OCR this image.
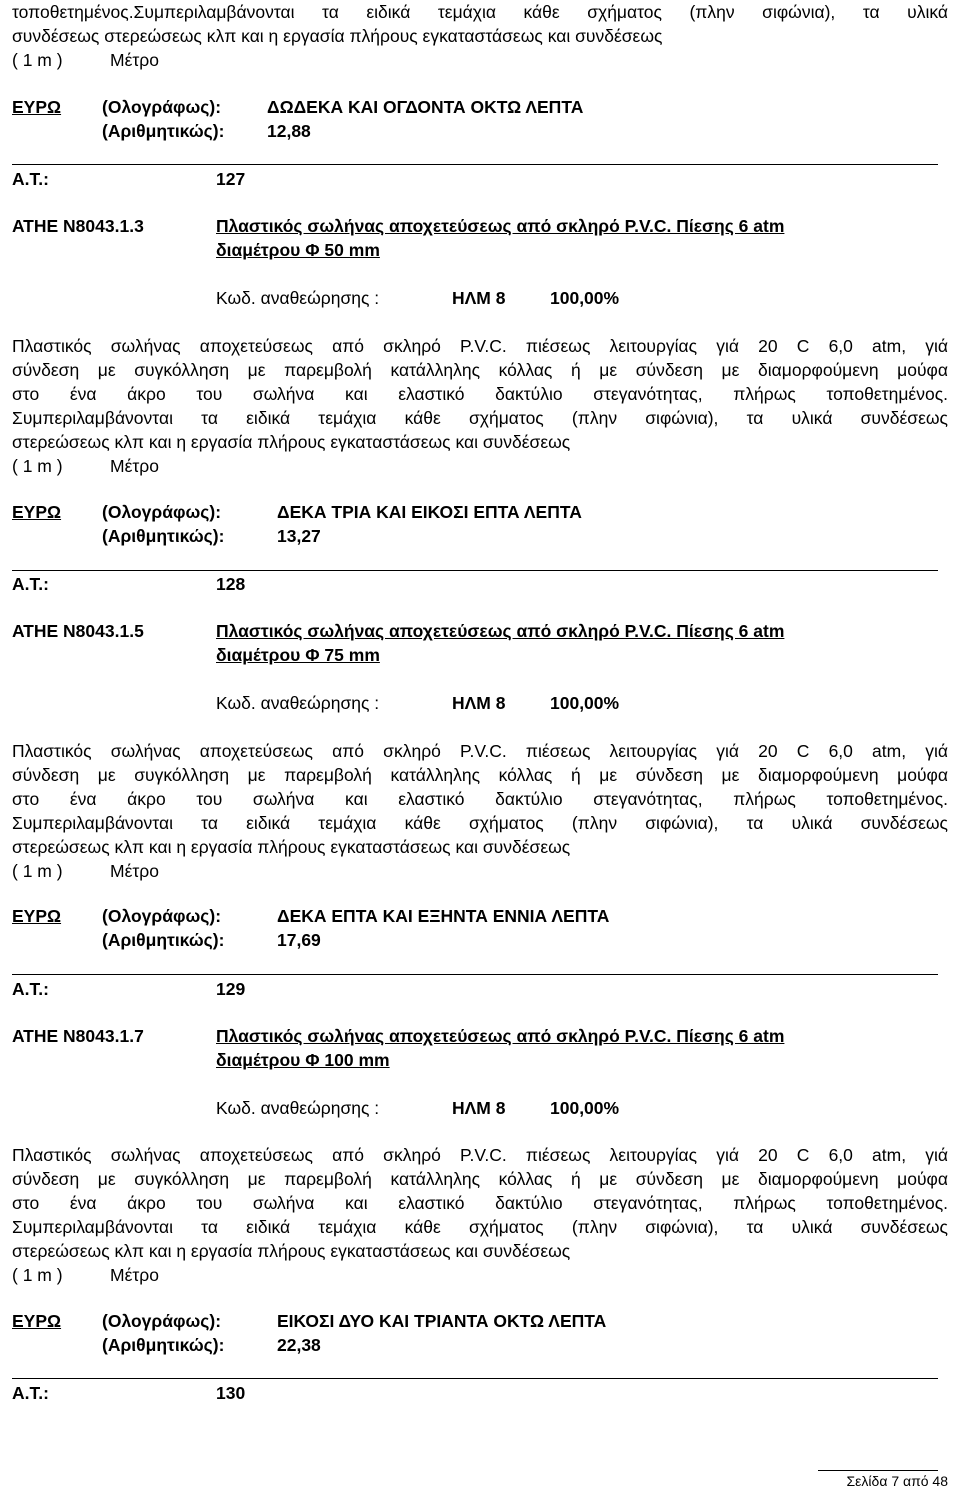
τοποθετημένος.Συμπεριλαμβάνονται τα ειδικά τεμάχια κάθε σχήματος (πλην σιφώνια), τα υλικά
συνδέσεως στερεώσεως κλπ και η εργασία πλήρους εγκαταστάσεως και συνδέσεως
( 1 m )	Μέτρο
ΕΥΡΩ (Ολογράφως):	ΔΩΔΕΚΑ ΚΑΙ ΟΓΔΟΝΤΑ ΟΚΤΩ ΛΕΠΤΑ
(Αριθμητικώς): 12,88
Α.Τ.:	127
ΑΤΗΕ Ν8043.1.3	Πλαστικός σωλήνας αποχετεύσεως από σκληρό P.V.C. Πίεσης 6 atm
διαμέτρου Φ 50 mm
Κωδ. αναθεώρησης :	ΗΛΜ 8	100,00%
Πλαστικός σωλήνας αποχετεύσεως από σκληρό P.V.C. πιέσεως λειτουργίας γιά 20 C 6,0 atm, γιά
σύνδεση με συγκόλληση με παρεμβολή κατάλληλης κόλλας ή με σύνδεση με διαμορφούμενη μούφα
στο ένα άκρο του σωλήνα και ελαστικό δακτύλιο στεγανότητας, πλήρως τοποθετημένος.
Συμπεριλαμβάνονται τα ειδικά τεμάχια κάθε σχήματος (πλην σιφώνια), τα υλικά συνδέσεως
στερεώσεως κλπ και η εργασία πλήρους εγκαταστάσεως και συνδέσεως
( 1 m )	Μέτρο
ΕΥΡΩ (Ολογράφως):	ΔΕΚΑ ΤΡΙΑ ΚΑΙ ΕΙΚΟΣΙ ΕΠΤΑ ΛΕΠΤΑ
(Αριθμητικώς):	13,27
Α.Τ.:	128
ΑΤΗΕ Ν8043.1.5	Πλαστικός σωλήνας αποχετεύσεως από σκληρό P.V.C. Πίεσης 6 atm
διαμέτρου Φ 75 mm
Κωδ. αναθεώρησης :	ΗΛΜ 8	100,00%
Πλαστικός σωλήνας αποχετεύσεως από σκληρό P.V.C. πιέσεως λειτουργίας γιά 20 C 6,0 atm, γιά
σύνδεση με συγκόλληση με παρεμβολή κατάλληλης κόλλας ή με σύνδεση με διαμορφούμενη μούφα
στο ένα άκρο του σωλήνα και ελαστικό δακτύλιο στεγανότητας, πλήρως τοποθετημένος.
Συμπεριλαμβάνονται τα ειδικά τεμάχια κάθε σχήματος (πλην σιφώνια), τα υλικά συνδέσεως
στερεώσεως κλπ και η εργασία πλήρους εγκαταστάσεως και συνδέσεως
( 1 m )	Μέτρο
ΕΥΡΩ (Ολογράφως):	ΔΕΚΑ ΕΠΤΑ ΚΑΙ ΕΞΗΝΤΑ ΕΝΝΙΑ ΛΕΠΤΑ
(Αριθμητικώς):	17,69
Α.Τ.:	129
ΑΤΗΕ Ν8043.1.7	Πλαστικός σωλήνας αποχετεύσεως από σκληρό P.V.C. Πίεσης 6 atm
διαμέτρου Φ 100 mm
Κωδ. αναθεώρησης :	ΗΛΜ 8	100,00%
Πλαστικός σωλήνας αποχετεύσεως από σκληρό P.V.C. πιέσεως λειτουργίας γιά 20 C 6,0 atm, γιά
σύνδεση με συγκόλληση με παρεμβολή κατάλληλης κόλλας ή με σύνδεση με διαμορφούμενη μούφα
στο ένα άκρο του σωλήνα και ελαστικό δακτύλιο στεγανότητας, πλήρως τοποθετημένος.
Συμπεριλαμβάνονται τα ειδικά τεμάχια κάθε σχήματος (πλην σιφώνια), τα υλικά συνδέσεως
στερεώσεως κλπ και η εργασία πλήρους εγκαταστάσεως και συνδέσεως
( 1 m )	Μέτρο
ΕΥΡΩ (Ολογράφως):	ΕΙΚΟΣΙ ΔΥΟ ΚΑΙ ΤΡΙΑΝΤΑ ΟΚΤΩ ΛΕΠΤΑ
(Αριθμητικώς):	22,38
Α.Τ.:	130
Σελίδα 7 από 48
